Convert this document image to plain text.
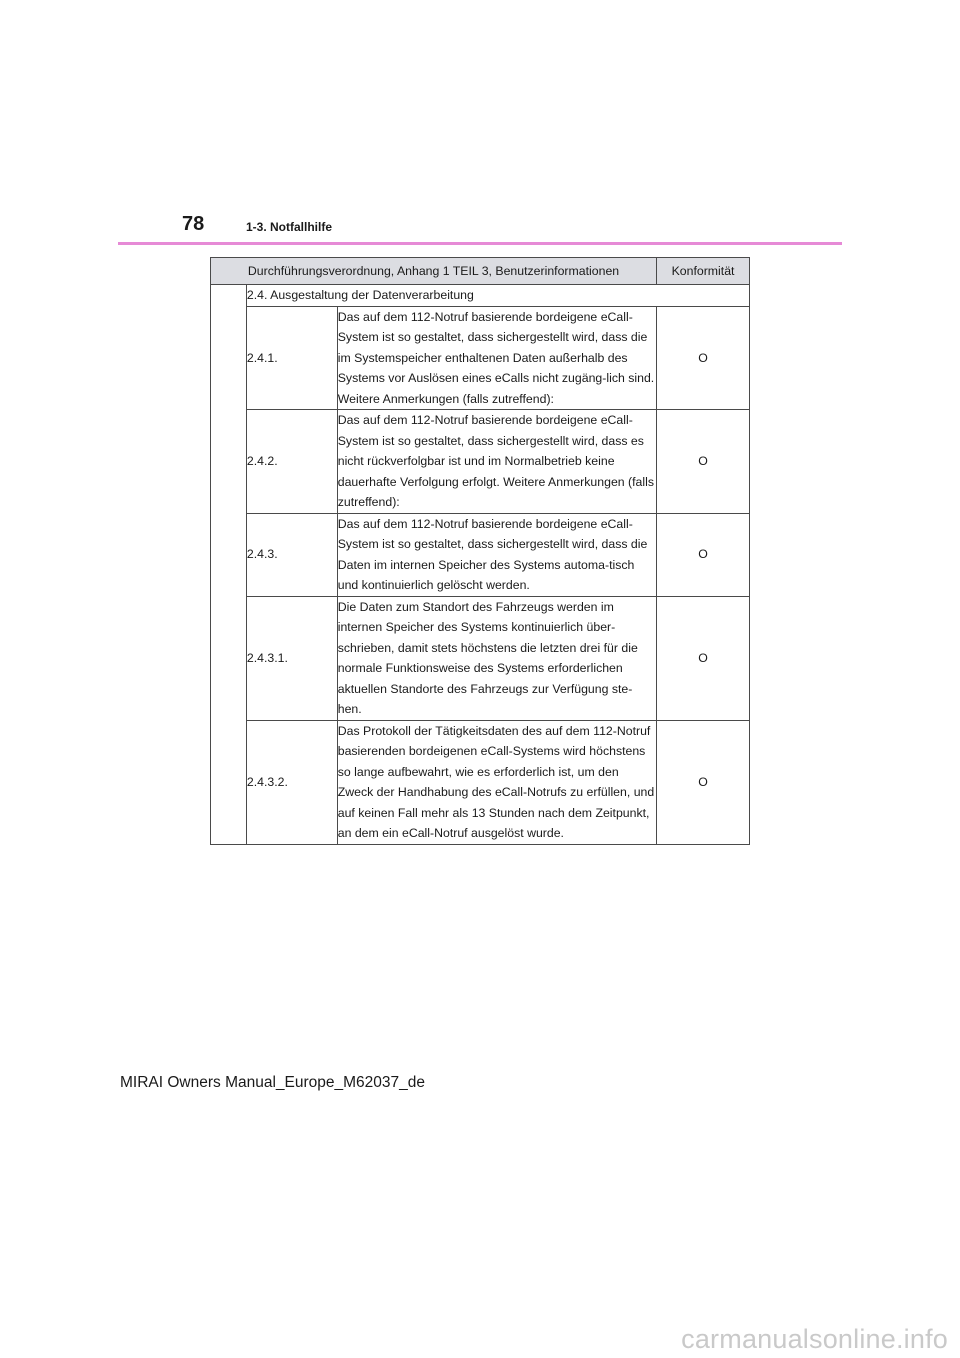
78	1-3. Notfallhilfe
Durchführungsverordnung, Anhang 1 TEIL 3, Benutzerinformationen			Konformität
	2.4. Ausgestaltung der Datenverarbeitung		
	2.4.1.	Das auf dem 112-Notruf basierende bordeigene eCall-System ist so gestaltet, dass sichergestellt wird, dass die im Systemspeicher enthaltenen Daten außerhalb des Systems vor Auslösen eines eCalls nicht zugäng-lich sind. Weitere Anmerkungen (falls zutreffend):	O
	2.4.2.	Das auf dem 112-Notruf basierende bordeigene eCall-System ist so gestaltet, dass sichergestellt wird, dass es nicht rückverfolgbar ist und im Normalbetrieb keine dauerhafte Verfolgung erfolgt. Weitere Anmerkungen (falls zutreffend):	O
	2.4.3.	Das auf dem 112-Notruf basierende bordeigene eCall-System ist so gestaltet, dass sichergestellt wird, dass die Daten im internen Speicher des Systems automa-tisch und kontinuierlich gelöscht werden.	O
	2.4.3.1.	Die Daten zum Standort des Fahrzeugs werden im internen Speicher des Systems kontinuierlich über-schrieben, damit stets höchstens die letzten drei für die normale Funktionsweise des Systems erforderlichen aktuellen Standorte des Fahrzeugs zur Verfügung ste-hen.	O
	2.4.3.2.	Das Protokoll der Tätigkeitsdaten des auf dem 112-Notruf basierenden bordeigenen eCall-Systems wird höchstens so lange aufbewahrt, wie es erforderlich ist, um den Zweck der Handhabung des eCall-Notrufs zu erfüllen, und auf keinen Fall mehr als 13 Stunden nach dem Zeitpunkt, an dem ein eCall-Notruf ausgelöst wurde.	O
MIRAI Owners Manual_Europe_M62037_de
carmanualsonline.info
